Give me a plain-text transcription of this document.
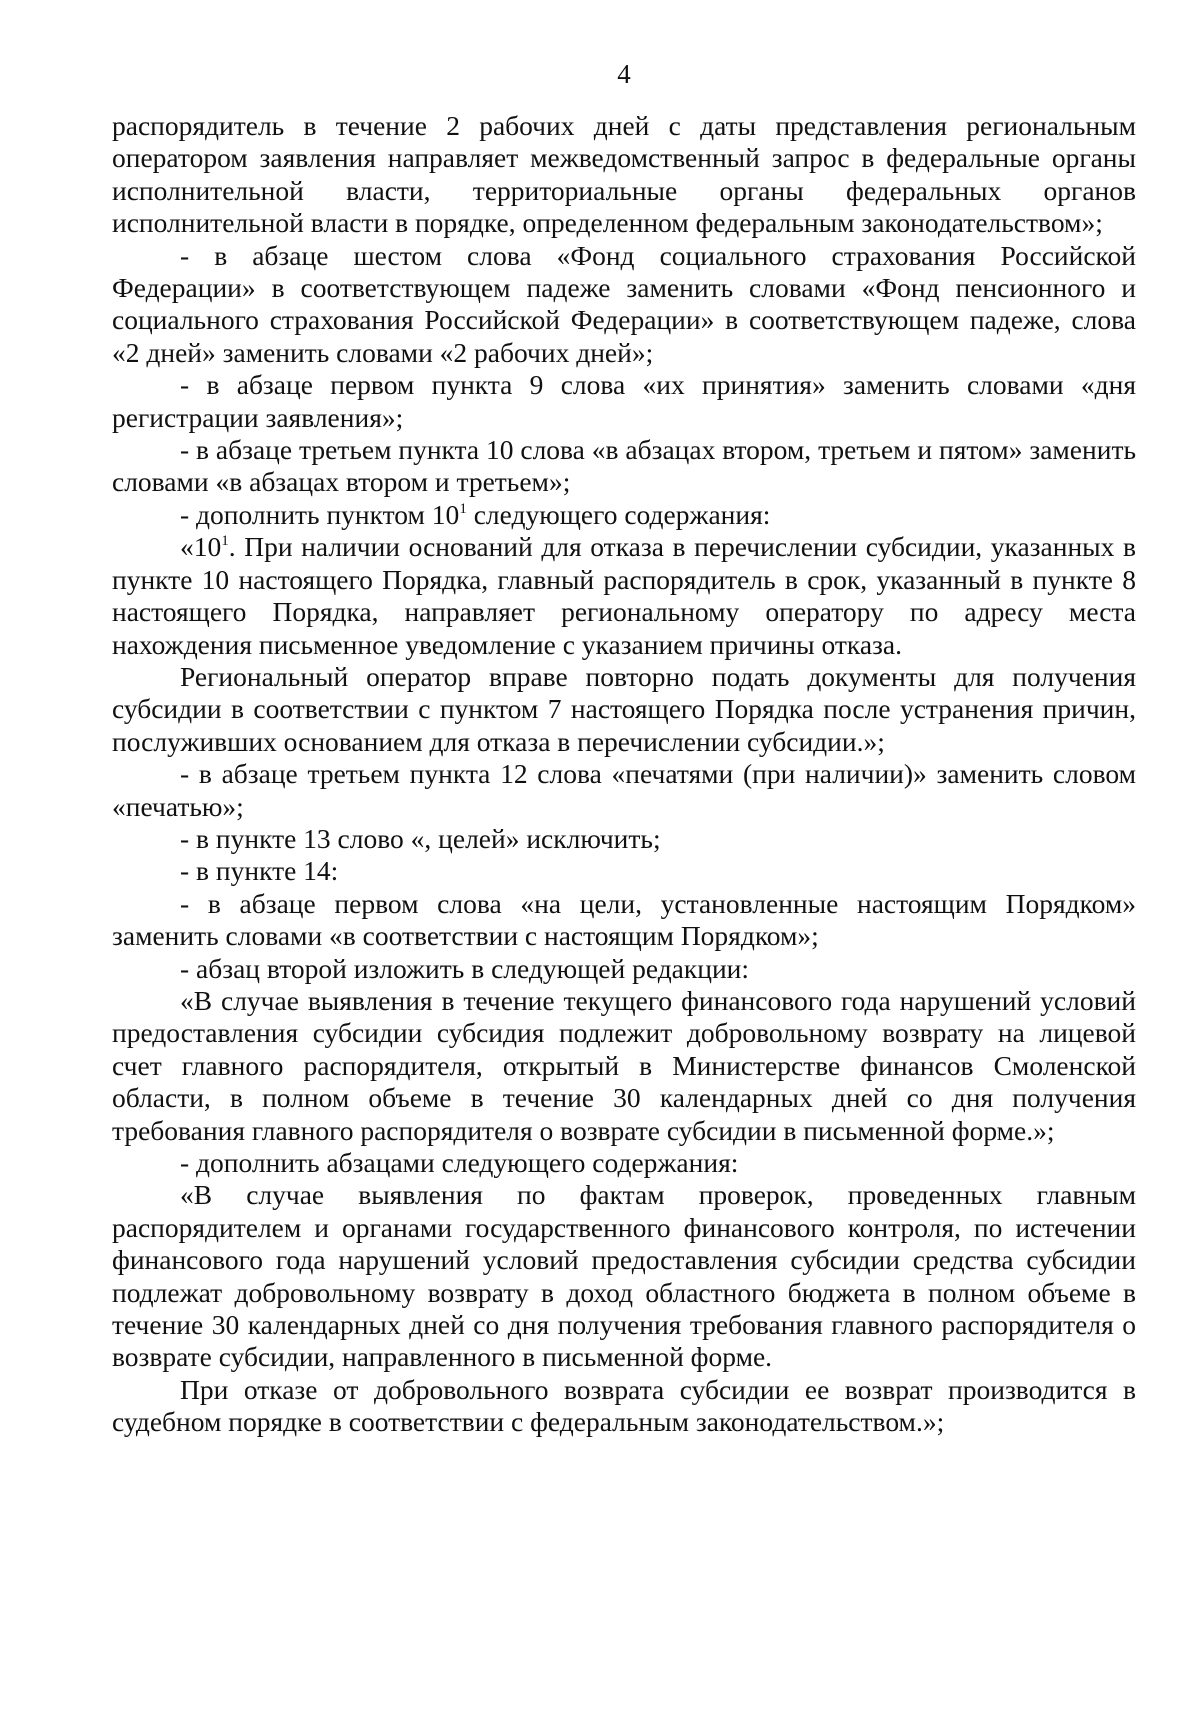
4

распорядитель в течение 2 рабочих дней с даты представления региональным оператором заявления направляет межведомственный запрос в федеральные органы исполнительной власти, территориальные органы федеральных органов исполнительной власти в порядке, определенном федеральным законодательством»;

- в абзаце шестом слова «Фонд социального страхования Российской Федерации» в соответствующем падеже заменить словами «Фонд пенсионного и социального страхования Российской Федерации» в соответствующем падеже, слова «2 дней» заменить словами «2 рабочих дней»;

- в абзаце первом пункта 9 слова «их принятия» заменить словами «дня регистрации заявления»;

- в абзаце третьем пункта 10 слова «в абзацах втором, третьем и пятом» заменить словами «в абзацах втором и третьем»;

- дополнить пунктом $10^1$ следующего содержания:

«$10^1$. При наличии оснований для отказа в перечислении субсидии, указанных в пункте 10 настоящего Порядка, главный распорядитель в срок, указанный в пункте 8 настоящего Порядка, направляет региональному оператору по адресу места нахождения письменное уведомление с указанием причины отказа.

Региональный оператор вправе повторно подать документы для получения субсидии в соответствии с пунктом 7 настоящего Порядка после устранения причин, послуживших основанием для отказа в перечислении субсидии.»;

- в абзаце третьем пункта 12 слова «печатями (при наличии)» заменить словом «печатью»;

- в пункте 13 слово «, целей» исключить;

- в пункте 14:

- в абзаце первом слова «на цели, установленные настоящим Порядком» заменить словами «в соответствии с настоящим Порядком»;

- абзац второй изложить в следующей редакции:

«В случае выявления в течение текущего финансового года нарушений условий предоставления субсидии субсидия подлежит добровольному возврату на лицевой счет главного распорядителя, открытый в Министерстве финансов Смоленской области, в полном объеме в течение 30 календарных дней со дня получения требования главного распорядителя о возврате субсидии в письменной форме.»;

- дополнить абзацами следующего содержания:

«В случае выявления по фактам проверок, проведенных главным распорядителем и органами государственного финансового контроля, по истечении финансового года нарушений условий предоставления субсидии средства субсидии подлежат добровольному возврату в доход областного бюджета в полном объеме в течение 30 календарных дней со дня получения требования главного распорядителя о возврате субсидии, направленного в письменной форме.

При отказе от добровольного возврата субсидии ее возврат производится в судебном порядке в соответствии с федеральным законодательством.»;
